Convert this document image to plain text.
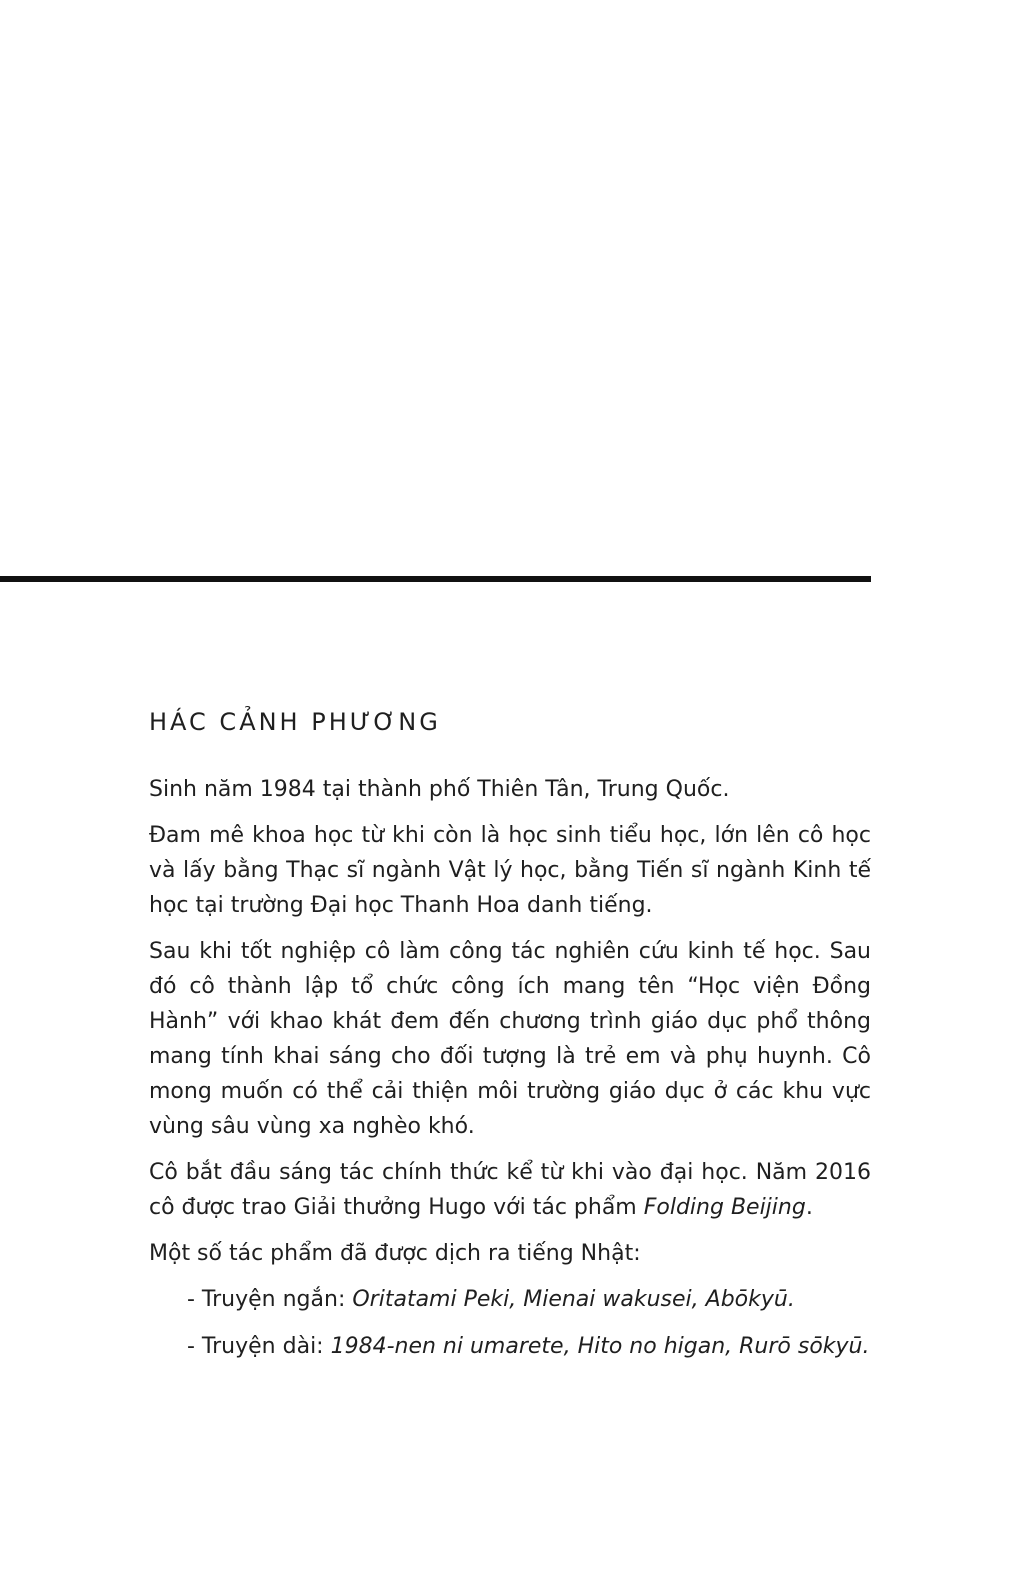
HÁC CẢNH PHƯƠNG

Sinh năm 1984 tại thành phố Thiên Tân, Trung Quốc.

Đam mê khoa học từ khi còn là học sinh tiểu học, lớn lên cô học và lấy bằng Thạc sĩ ngành Vật lý học, bằng Tiến sĩ ngành Kinh tế học tại trường Đại học Thanh Hoa danh tiếng.

Sau khi tốt nghiệp cô làm công tác nghiên cứu kinh tế học. Sau đó cô thành lập tổ chức công ích mang tên “Học viện Đồng Hành” với khao khát đem đến chương trình giáo dục phổ thông mang tính khai sáng cho đối tượng là trẻ em và phụ huynh. Cô mong muốn có thể cải thiện môi trường giáo dục ở các khu vực vùng sâu vùng xa nghèo khó.

Cô bắt đầu sáng tác chính thức kể từ khi vào đại học. Năm 2016 cô được trao Giải thưởng Hugo với tác phẩm Folding Beijing.

Một số tác phẩm đã được dịch ra tiếng Nhật:

- Truyện ngắn: Oritatami Peki, Mienai wakusei, Abōkyū.
- Truyện dài: 1984-nen ni umarete, Hito no higan, Rurō sōkyū.
